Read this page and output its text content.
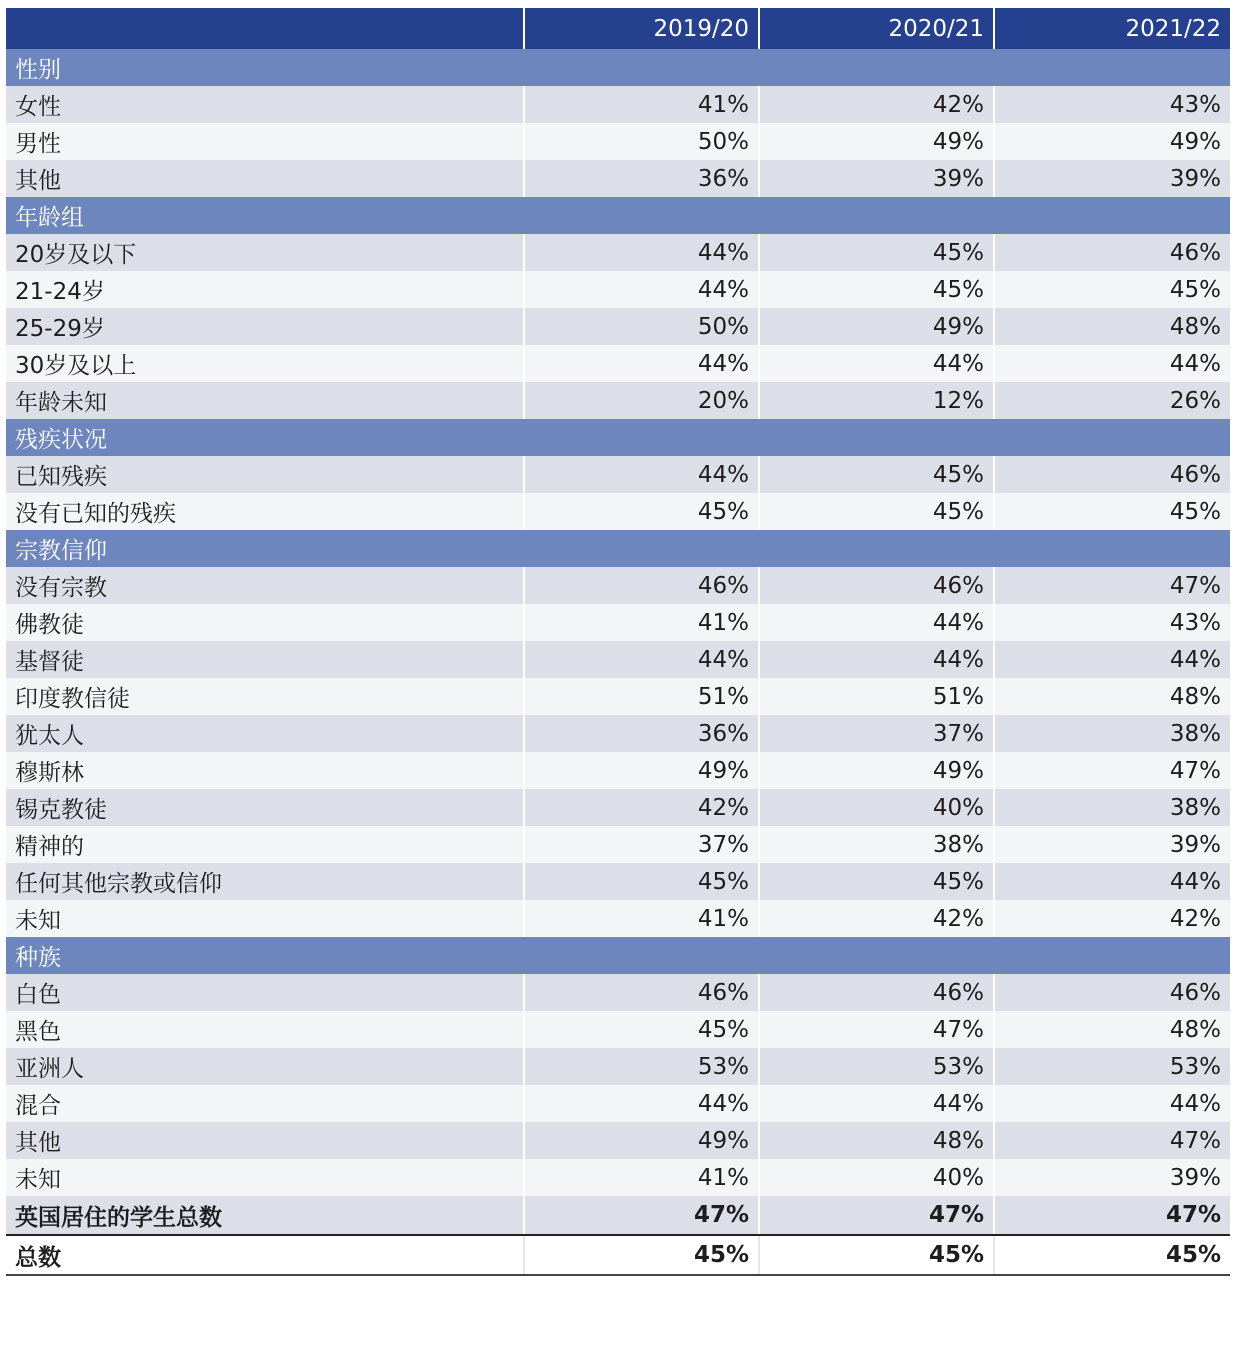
	2019/20	2020/21	2021/22
性别			
女性	41%	42%	43%
男性	50%	49%	49%
其他	36%	39%	39%
年龄组			
20岁及以下	44%	45%	46%
21-24岁	44%	45%	45%
25-29岁	50%	49%	48%
30岁及以上	44%	44%	44%
年龄未知	20%	12%	26%
残疾状况			
已知残疾	44%	45%	46%
没有已知的残疾	45%	45%	45%
宗教信仰			
没有宗教	46%	46%	47%
佛教徒	41%	44%	43%
基督徒	44%	44%	44%
印度教信徒	51%	51%	48%
犹太人	36%	37%	38%
穆斯林	49%	49%	47%
锡克教徒	42%	40%	38%
精神的	37%	38%	39%
任何其他宗教或信仰	45%	45%	44%
未知	41%	42%	42%
种族			
白色	46%	46%	46%
黑色	45%	47%	48%
亚洲人	53%	53%	53%
混合	44%	44%	44%
其他	49%	48%	47%
未知	41%	40%	39%
英国居住的学生总数	47%	47%	47%
总数	45%	45%	45%
